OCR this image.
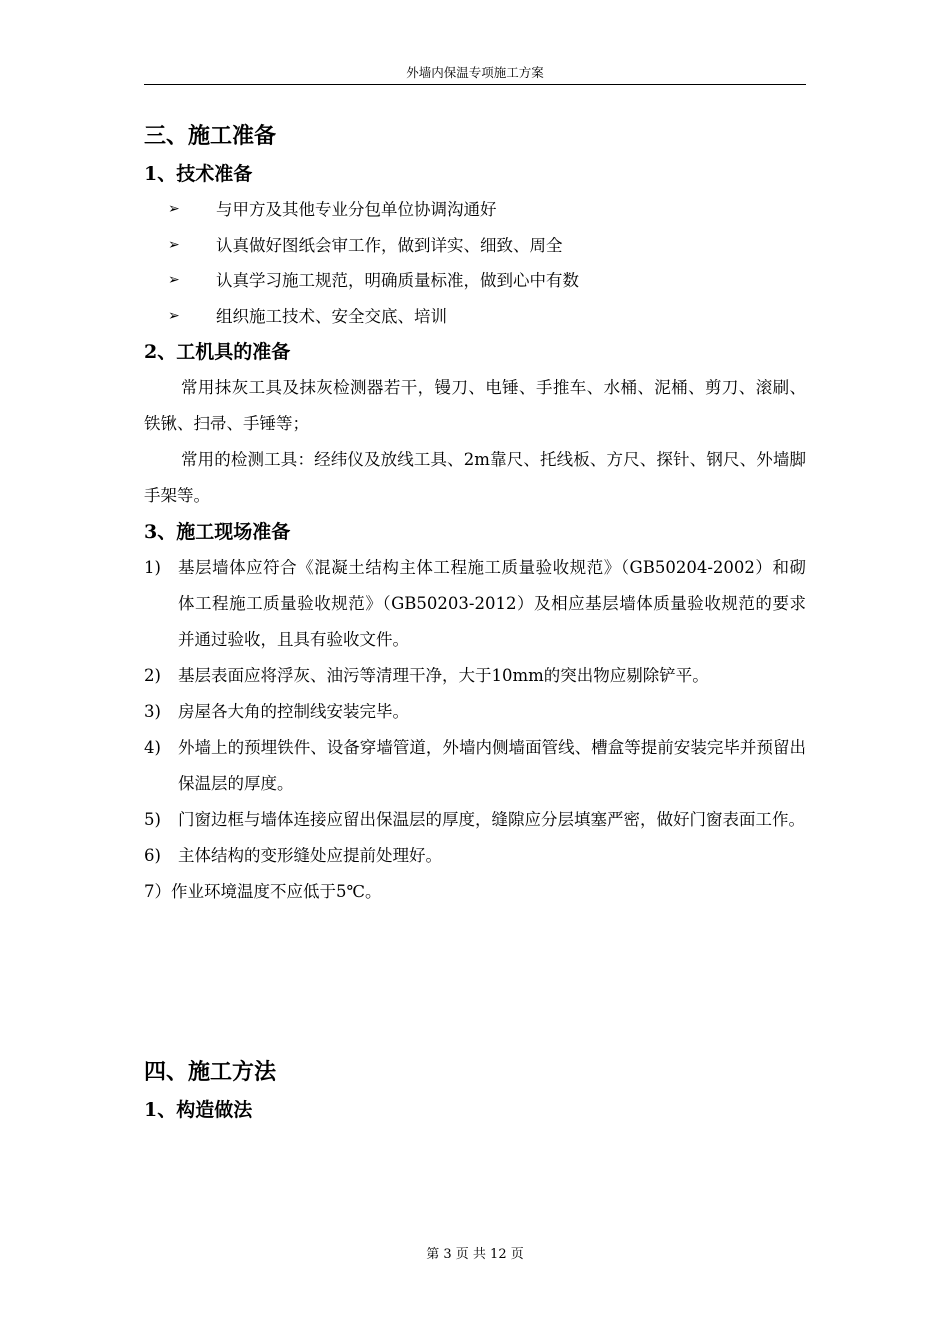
外墙内保温专项施工方案
三、施工准备
1、技术准备
➢ 与甲方及其他专业分包单位协调沟通好
➢ 认真做好图纸会审工作，做到详实、细致、周全
➢ 认真学习施工规范，明确质量标准，做到心中有数
➢ 组织施工技术、安全交底、培训
2、工机具的准备

常用抹灰工具及抹灰检测器若干，镘刀、电锤、手推车、水桶、泥桶、剪刀、滚刷、铁锹、扫帚、手锤等；

常用的检测工具：经纬仪及放线工具、2m靠尺、托线板、方尺、探针、钢尺、外墙脚手架等。

3、施工现场准备
1) 基层墙体应符合《混凝土结构主体工程施工质量验收规范》（GB50204-2002）和砌体工程施工质量验收规范》（GB50203-2012）及相应基层墙体质量验收规范的要求并通过验收，且具有验收文件。
2) 基层表面应将浮灰、油污等清理干净，大于10mm的突出物应剔除铲平。
3) 房屋各大角的控制线安装完毕。
4) 外墙上的预埋铁件、设备穿墙管道，外墙内侧墙面管线、槽盒等提前安装完毕并预留出保温层的厚度。
5) 门窗边框与墙体连接应留出保温层的厚度，缝隙应分层填塞严密，做好门窗表面工作。
6) 主体结构的变形缝处应提前处理好。
7）作业环境温度不应低于5℃。
四、施工方法
1、构造做法
第 3 页 共 12 页
